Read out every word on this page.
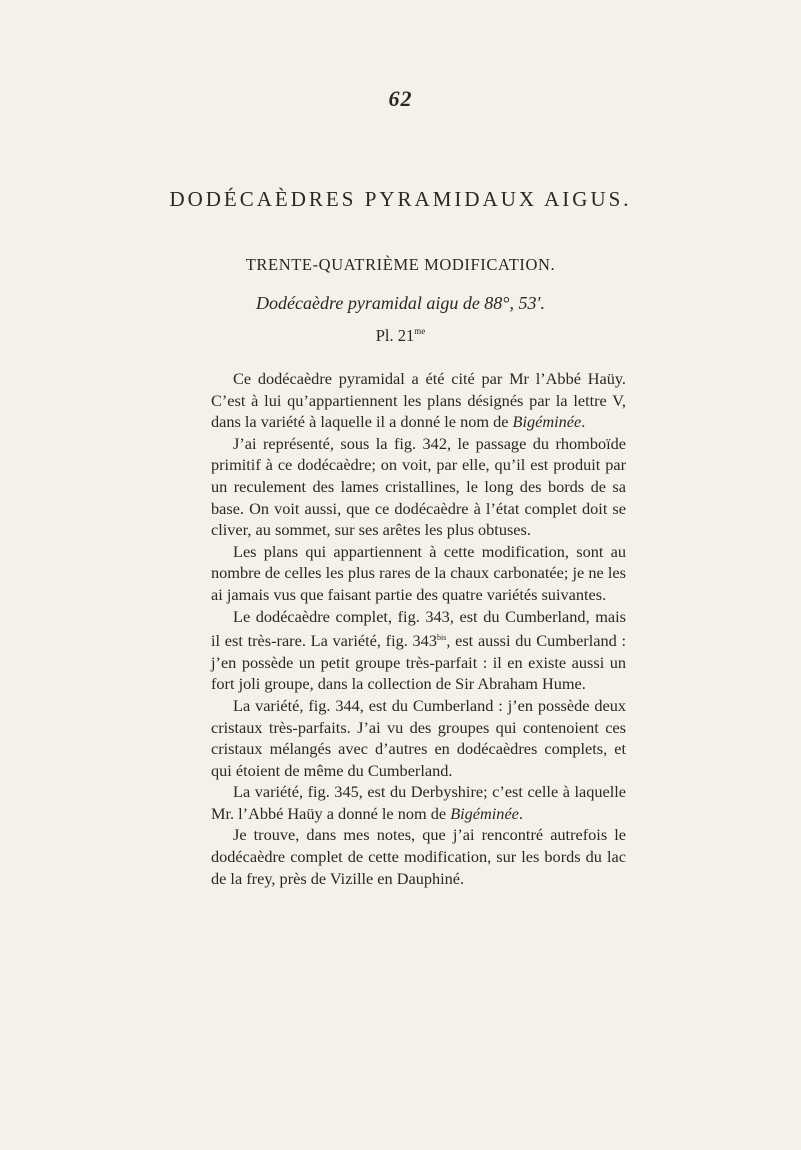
62
DODÉCAÈDRES PYRAMIDAUX AIGUS.
TRENTE-QUATRIÈME MODIFICATION.
Dodécaèdre pyramidal aigu de 88°, 53′.
Pl. $21^{me}$

Ce dodécaèdre pyramidal a été cité par Mr l’Abbé Haüy. C’est à lui qu’appartiennent les plans désignés par la lettre V, dans la variété à laquelle il a donné le nom de Bigéminée.

J’ai représenté, sous la fig. 342, le passage du rhomboïde primitif à ce dodécaèdre; on voit, par elle, qu’il est produit par un reculement des lames cristallines, le long des bords de sa base. On voit aussi, que ce dodécaèdre à l’état complet doit se cliver, au sommet, sur ses arêtes les plus obtuses.

Les plans qui appartiennent à cette modification, sont au nombre de celles les plus rares de la chaux carbonatée; je ne les ai jamais vus que faisant partie des quatre variétés suivantes.

Le dodécaèdre complet, fig. 343, est du Cumberland, mais il est très-rare. La variété, fig. $343^{bis}$, est aussi du Cumberland : j’en possède un petit groupe très-parfait : il en existe aussi un fort joli groupe, dans la collection de Sir Abraham Hume.

La variété, fig. 344, est du Cumberland : j’en possède deux cristaux très-parfaits. J’ai vu des groupes qui contenoient ces cristaux mélangés avec d’autres en dodécaèdres complets, et qui étoient de même du Cumberland.

La variété, fig. 345, est du Derbyshire; c’est celle à laquelle Mr. l’Abbé Haüy a donné le nom de Bigéminée.

Je trouve, dans mes notes, que j’ai rencontré autrefois le dodécaèdre complet de cette modification, sur les bords du lac de la frey, près de Vizille en Dauphiné.
